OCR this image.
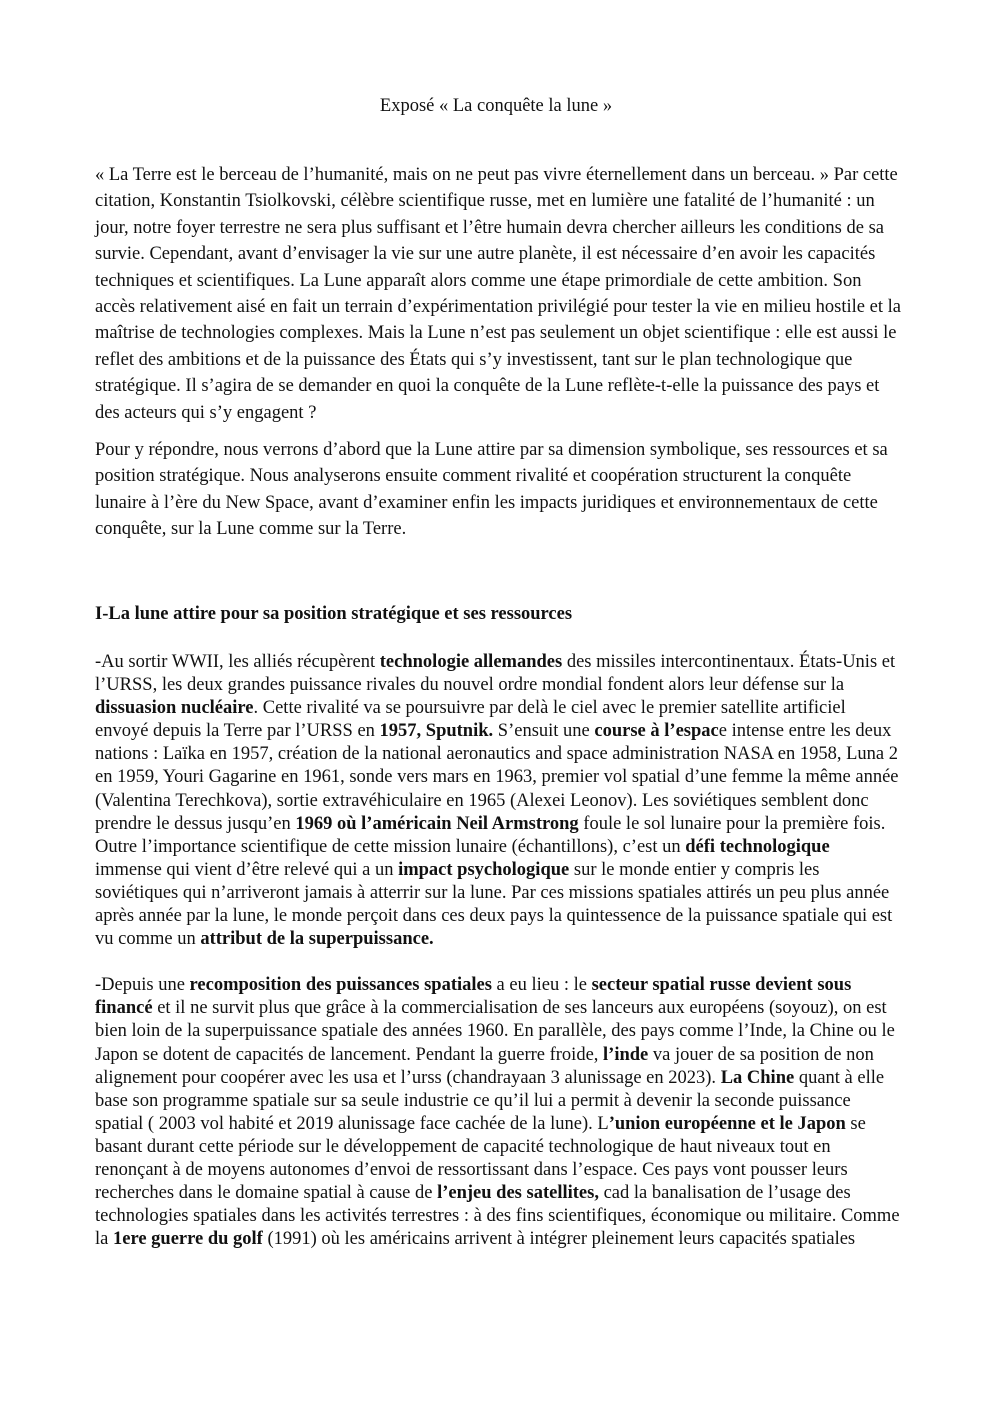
Exposé « La conquête la lune »

« La Terre est le berceau de l’humanité, mais on ne peut pas vivre éternellement dans un berceau. » Par cette citation, Konstantin Tsiolkovski, célèbre scientifique russe, met en lumière une fatalité de l’humanité : un jour, notre foyer terrestre ne sera plus suffisant et l’être humain devra chercher ailleurs les conditions de sa survie. Cependant, avant d’envisager la vie sur une autre planète, il est nécessaire d’en avoir les capacités techniques et scientifiques. La Lune apparaît alors comme une étape primordiale de cette ambition. Son accès relativement aisé en fait un terrain d’expérimentation privilégié pour tester la vie en milieu hostile et la maîtrise de technologies complexes. Mais la Lune n’est pas seulement un objet scientifique : elle est aussi le reflet des ambitions et de la puissance des États qui s’y investissent, tant sur le plan technologique que stratégique. Il s’agira de se demander en quoi la conquête de la Lune reflète-t-elle la puissance des pays et des acteurs qui s’y engagent ?

Pour y répondre, nous verrons d’abord que la Lune attire par sa dimension symbolique, ses ressources et sa position stratégique. Nous analyserons ensuite comment rivalité et coopération structurent la conquête lunaire à l’ère du New Space, avant d’examiner enfin les impacts juridiques et environnementaux de cette conquête, sur la Lune comme sur la Terre.

I-La lune attire pour sa position stratégique et ses ressources

-Au sortir WWII, les alliés récupèrent technologie allemandes des missiles intercontinentaux. États-Unis et l’URSS, les deux grandes puissance rivales du nouvel ordre mondial fondent alors leur défense sur la dissuasion nucléaire. Cette rivalité va se poursuivre par delà le ciel avec le premier satellite artificiel envoyé depuis la Terre par l’URSS en 1957, Sputnik. S’ensuit une course à l’espace intense entre les deux nations : Laïka en 1957, création de la national aeronautics and space administration NASA en 1958, Luna 2 en 1959, Youri Gagarine en 1961, sonde vers mars en 1963, premier vol spatial d’une femme la même année (Valentina Terechkova), sortie extravéhiculaire en 1965 (Alexei Leonov). Les soviétiques semblent donc prendre le dessus jusqu’en 1969 où l’américain Neil Armstrong foule le sol lunaire pour la première fois. Outre l’importance scientifique de cette mission lunaire (échantillons), c’est un défi technologique immense qui vient d’être relevé qui a un impact psychologique sur le monde entier y compris les soviétiques qui n’arriveront jamais à atterrir sur la lune. Par ces missions spatiales attirés un peu plus année après année par la lune, le monde perçoit dans ces deux pays la quintessence de la puissance spatiale qui est vu comme un attribut de la superpuissance.

-Depuis une recomposition des puissances spatiales a eu lieu : le secteur spatial russe devient sous financé et il ne survit plus que grâce à la commercialisation de ses lanceurs aux européens (soyouz), on est bien loin de la superpuissance spatiale des années 1960. En parallèle, des pays comme l’Inde, la Chine ou le Japon se dotent de capacités de lancement. Pendant la guerre froide, l’inde va jouer de sa position de non alignement pour coopérer avec les usa et l’urss (chandrayaan 3 alunissage en 2023). La Chine quant à elle base son programme spatiale sur sa seule industrie ce qu’il lui a permit à devenir la seconde puissance spatial ( 2003 vol habité et 2019 alunissage face cachée de la lune). L’union européenne et le Japon se basant durant cette période sur le développement de capacité technologique de haut niveaux tout en renonçant à de moyens autonomes d’envoi de ressortissant dans l’espace. Ces pays vont pousser leurs recherches dans le domaine spatial à cause de l’enjeu des satellites, cad la banalisation de l’usage des technologies spatiales dans les activités terrestres : à des fins scientifiques, économique ou militaire. Comme la 1ere guerre du golf (1991) où les américains arrivent à intégrer pleinement leurs capacités spatiales
